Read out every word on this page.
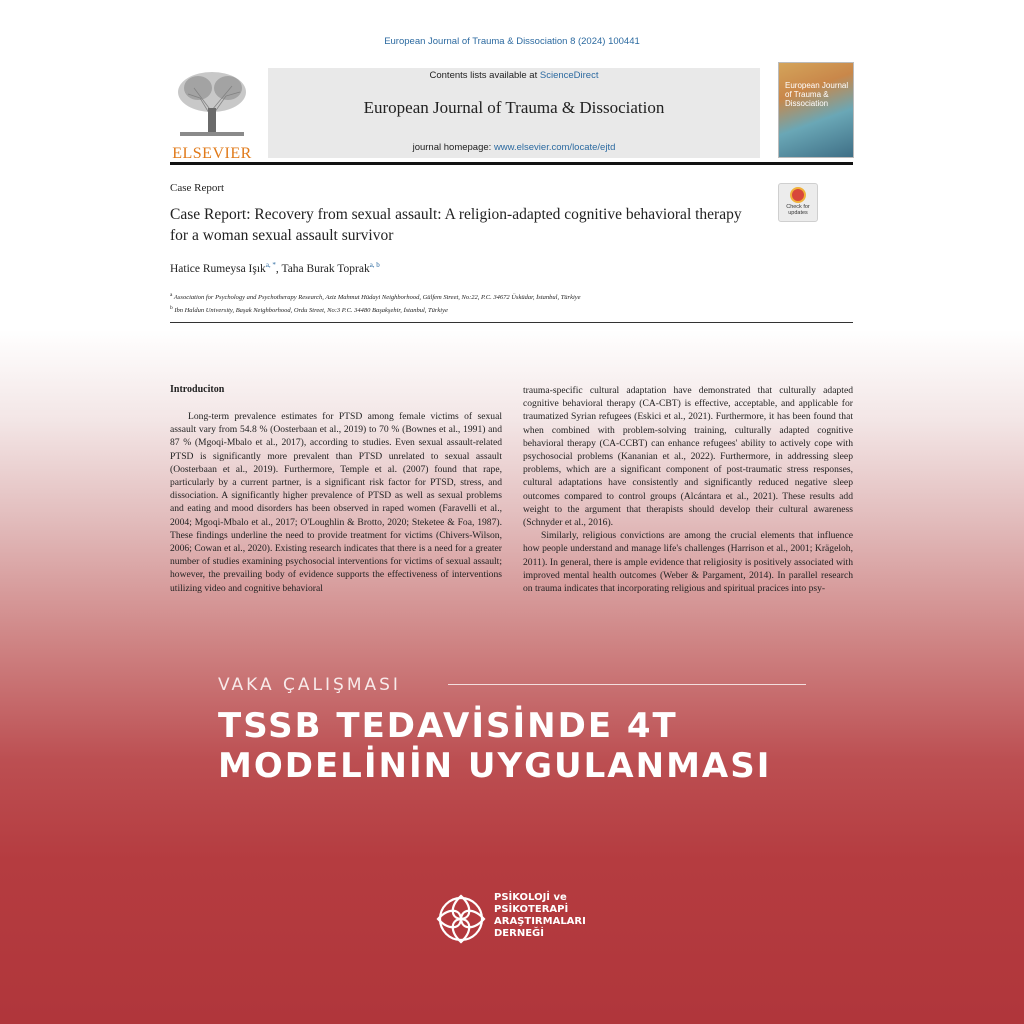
European Journal of Trauma & Dissociation 8 (2024) 100441
ELSEVIER
Contents lists available at ScienceDirect
European Journal of Trauma & Dissociation
journal homepage: www.elsevier.com/locate/ejtd
European Journal of Trauma & Dissociation
Case Report
Check for updates
Case Report: Recovery from sexual assault: A religion-adapted cognitive behavioral therapy for a woman sexual assault survivor
Hatice Rumeysa Işık$^{a, *}$, Taha Burak Toprak$^{a, b}$
$^a$ Association for Psychology and Psychotherapy Research, Aziz Mahmut Hüdayi Neighborhood, Gülfem Street, No:22, P.C. 34672 Üsküdar, İstanbul, Türkiye
$^b$ Ibn Haldun University, Başak Neighborhood, Ordu Street, No:3 P.C. 34480 Başakşehir, İstanbul, Türkiye
Introduciton

Long-term prevalence estimates for PTSD among female victims of sexual assault vary from 54.8 % (Oosterbaan et al., 2019) to 70 % (Bownes et al., 1991) and 87 % (Mgoqi-Mbalo et al., 2017), according to studies. Even sexual assault-related PTSD is significantly more prevalent than PTSD unrelated to sexual assault (Oosterbaan et al., 2019). Furthermore, Temple et al. (2007) found that rape, particularly by a current partner, is a significant risk factor for PTSD, stress, and dissociation. A significantly higher prevalence of PTSD as well as sexual problems and eating and mood disorders has been observed in raped women (Faravelli et al., 2004; Mgoqi-Mbalo et al., 2017; O'Loughlin & Brotto, 2020; Steketee & Foa, 1987). These findings underline the need to provide treatment for victims (Chivers-Wilson, 2006; Cowan et al., 2020). Existing research indicates that there is a need for a greater number of studies examining psychosocial interventions for victims of sexual assault; however, the prevailing body of evidence supports the effectiveness of interventions utilizing video and cognitive behavioral

trauma-specific cultural adaptation have demonstrated that culturally adapted cognitive behavioral therapy (CA-CBT) is effective, acceptable, and applicable for traumatized Syrian refugees (Eskici et al., 2021). Furthermore, it has been found that when combined with problem-solving training, culturally adapted cognitive behavioral therapy (CA-CCBT) can enhance refugees' ability to actively cope with psychosocial problems (Kananian et al., 2022). Furthermore, in addressing sleep problems, which are a significant component of post-traumatic stress responses, cultural adaptations have consistently and significantly reduced negative sleep outcomes compared to control groups (Alcántara et al., 2021). These results add weight to the argument that therapists should develop their cultural awareness (Schnyder et al., 2016).

Similarly, religious convictions are among the crucial elements that influence how people understand and manage life's challenges (Harrison et al., 2001; Krägeloh, 2011). In general, there is ample evidence that religiosity is positively associated with improved mental health outcomes (Weber & Pargament, 2014). In parallel research on trauma indicates that incorporating religious and spiritual pracices into psy-

VAKA ÇALIŞMASI
TSSB TEDAVİSİNDE 4T
MODELİNİN UYGULANMASI
PSİKOLOJİ ve
PSİKOTERAPİ
ARAŞTIRMALARI
DERNEĞİ
